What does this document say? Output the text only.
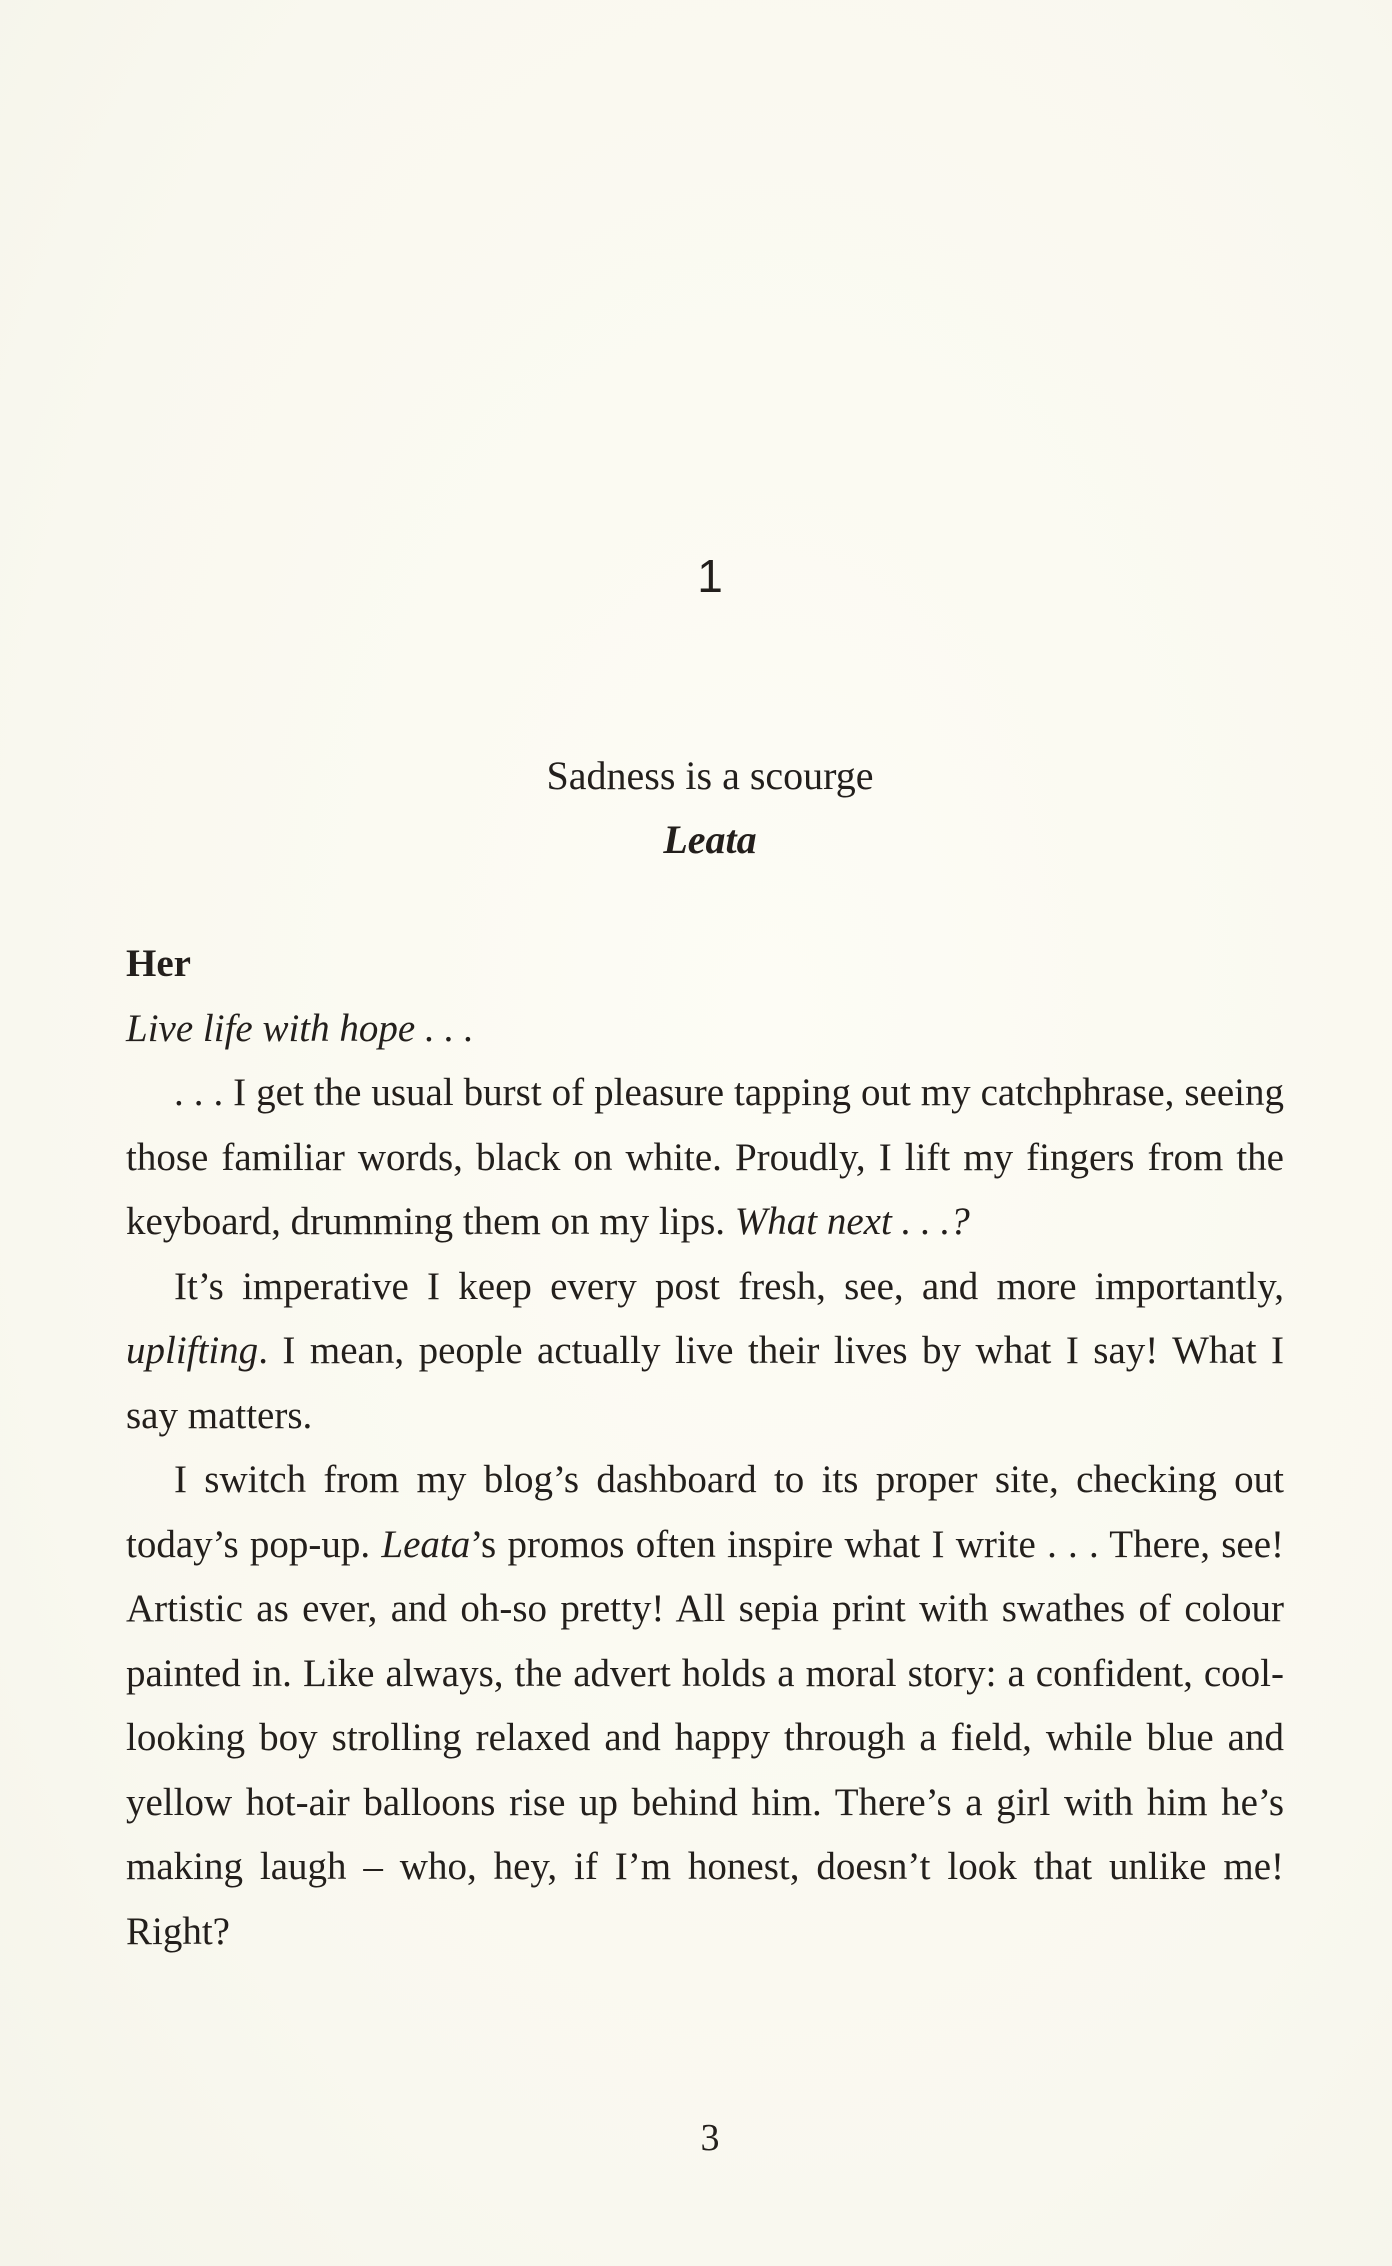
1
Sadness is a scourge
Leata

Her

Live life with hope . . .

. . . I get the usual burst of pleasure tapping out my catchphrase, seeing those familiar words, black on white. Proudly, I lift my fingers from the keyboard, drumming them on my lips. What next . . .?

It’s imperative I keep every post fresh, see, and more importantly, uplifting. I mean, people actually live their lives by what I say! What I say matters.

I switch from my blog’s dashboard to its proper site, checking out today’s pop-up. Leata’s promos often inspire what I write . . . There, see! Artistic as ever, and oh-so pretty! All sepia print with swathes of colour painted in. Like always, the advert holds a moral story: a confident, cool-looking boy strolling relaxed and happy through a field, while blue and yellow hot-air balloons rise up behind him. There’s a girl with him he’s making laugh – who, hey, if I’m honest, doesn’t look that unlike me! Right?

3
